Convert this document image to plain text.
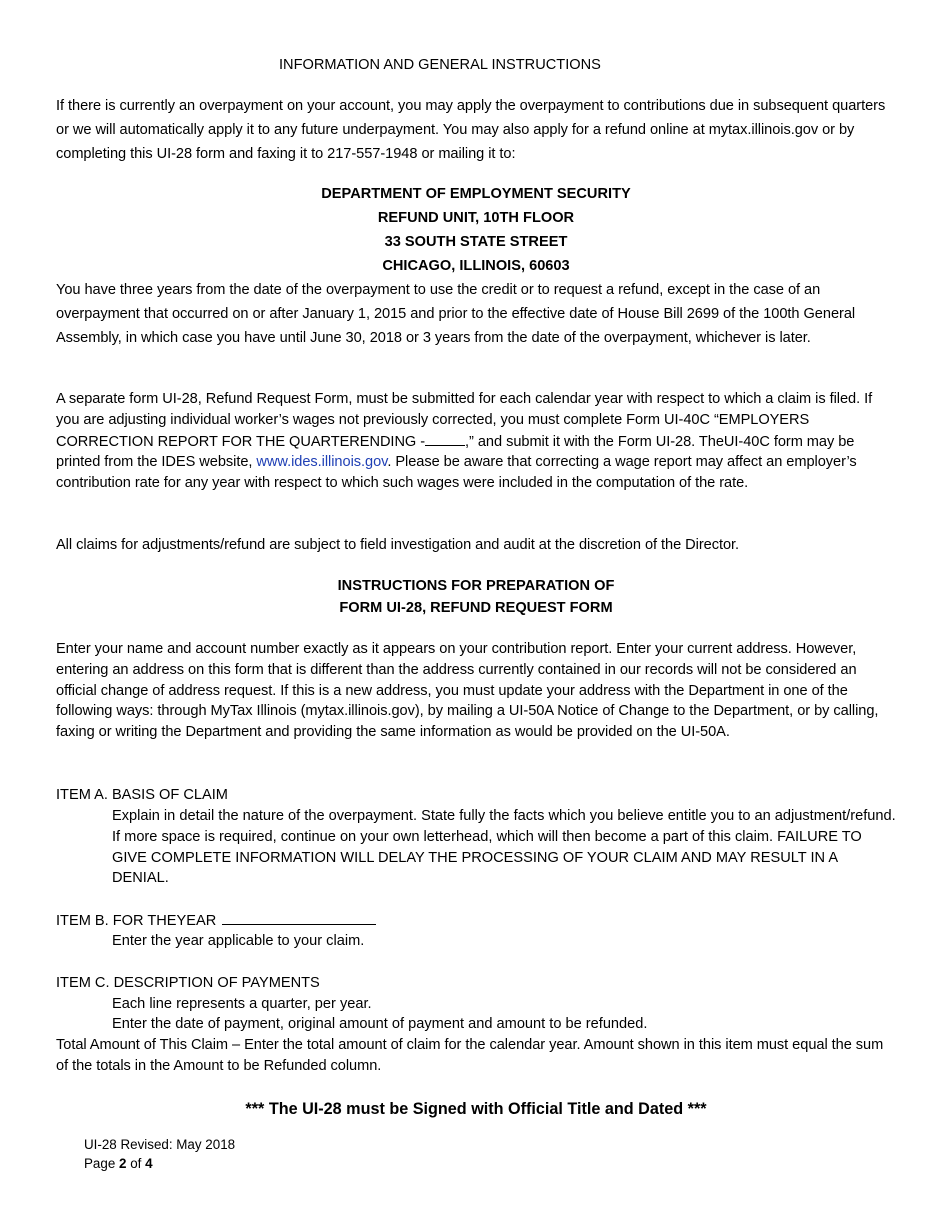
INFORMATION AND GENERAL INSTRUCTIONS
If there is currently an overpayment on your account, you may apply the overpayment to contributions due in subsequent quarters or we will automatically apply it to any future underpayment. You may also apply for a refund online at mytax.illinois.gov or by completing this UI-28 form and faxing it to 217-557-1948 or mailing it to:
DEPARTMENT OF EMPLOYMENT SECURITY
REFUND UNIT, 10TH FLOOR
33 SOUTH STATE STREET
CHICAGO, ILLINOIS, 60603
You have three years from the date of the overpayment to use the credit or to request a refund, except in the case of an overpayment that occurred on or after January 1, 2015 and prior to the effective date of House Bill 2699 of the 100th General Assembly, in which case you have until June 30, 2018 or 3 years from the date of the overpayment, whichever is later.
A separate form UI-28, Refund Request Form, must be submitted for each calendar year with respect to which a claim is filed. If you are adjusting individual worker’s wages not previously corrected, you must complete Form UI-40C “EMPLOYERS CORRECTION REPORT FOR THE QUARTERENDING -	,” and submit it with the Form UI-28. TheUI-40C form may be printed from the IDES website, www.ides.illinois.gov. Please be aware that correcting a wage report may affect an employer’s contribution rate for any year with respect to which such wages were included in the computation of the rate.
All claims for adjustments/refund are subject to field investigation and audit at the discretion of the Director.
INSTRUCTIONS FOR PREPARATION OF
FORM UI-28, REFUND REQUEST FORM
Enter your name and account number exactly as it appears on your contribution report. Enter your current address. However, entering an address on this form that is different than the address currently contained in our records will not be considered an official change of address request. If this is a new address, you must update your address with the Department in one of the following ways: through MyTax Illinois (mytax.illinois.gov), by mailing a UI-50A Notice of Change to the Department, or by calling, faxing or writing the Department and providing the same information as would be provided on the UI-50A.
ITEM A. BASIS OF CLAIM
Explain in detail the nature of the overpayment. State fully the facts which you believe entitle you to an adjustment/refund. If more space is required, continue on your own letterhead, which will then become a part of this claim. FAILURE TO GIVE COMPLETE INFORMATION WILL DELAY THE PROCESSING OF YOUR CLAIM AND MAY RESULT IN A DENIAL.
ITEM B. FOR THEYEAR
Enter the year applicable to your claim.
ITEM C. DESCRIPTION OF PAYMENTS
Each line represents a quarter, per year.
Enter the date of payment, original amount of payment and amount to be refunded.
Total Amount of This Claim – Enter the total amount of claim for the calendar year. Amount shown in this item must equal the sum of the totals in the Amount to be Refunded column.
*** The UI-28 must be Signed with Official Title and Dated ***
UI-28 Revised: May 2018
Page 2 of 4
